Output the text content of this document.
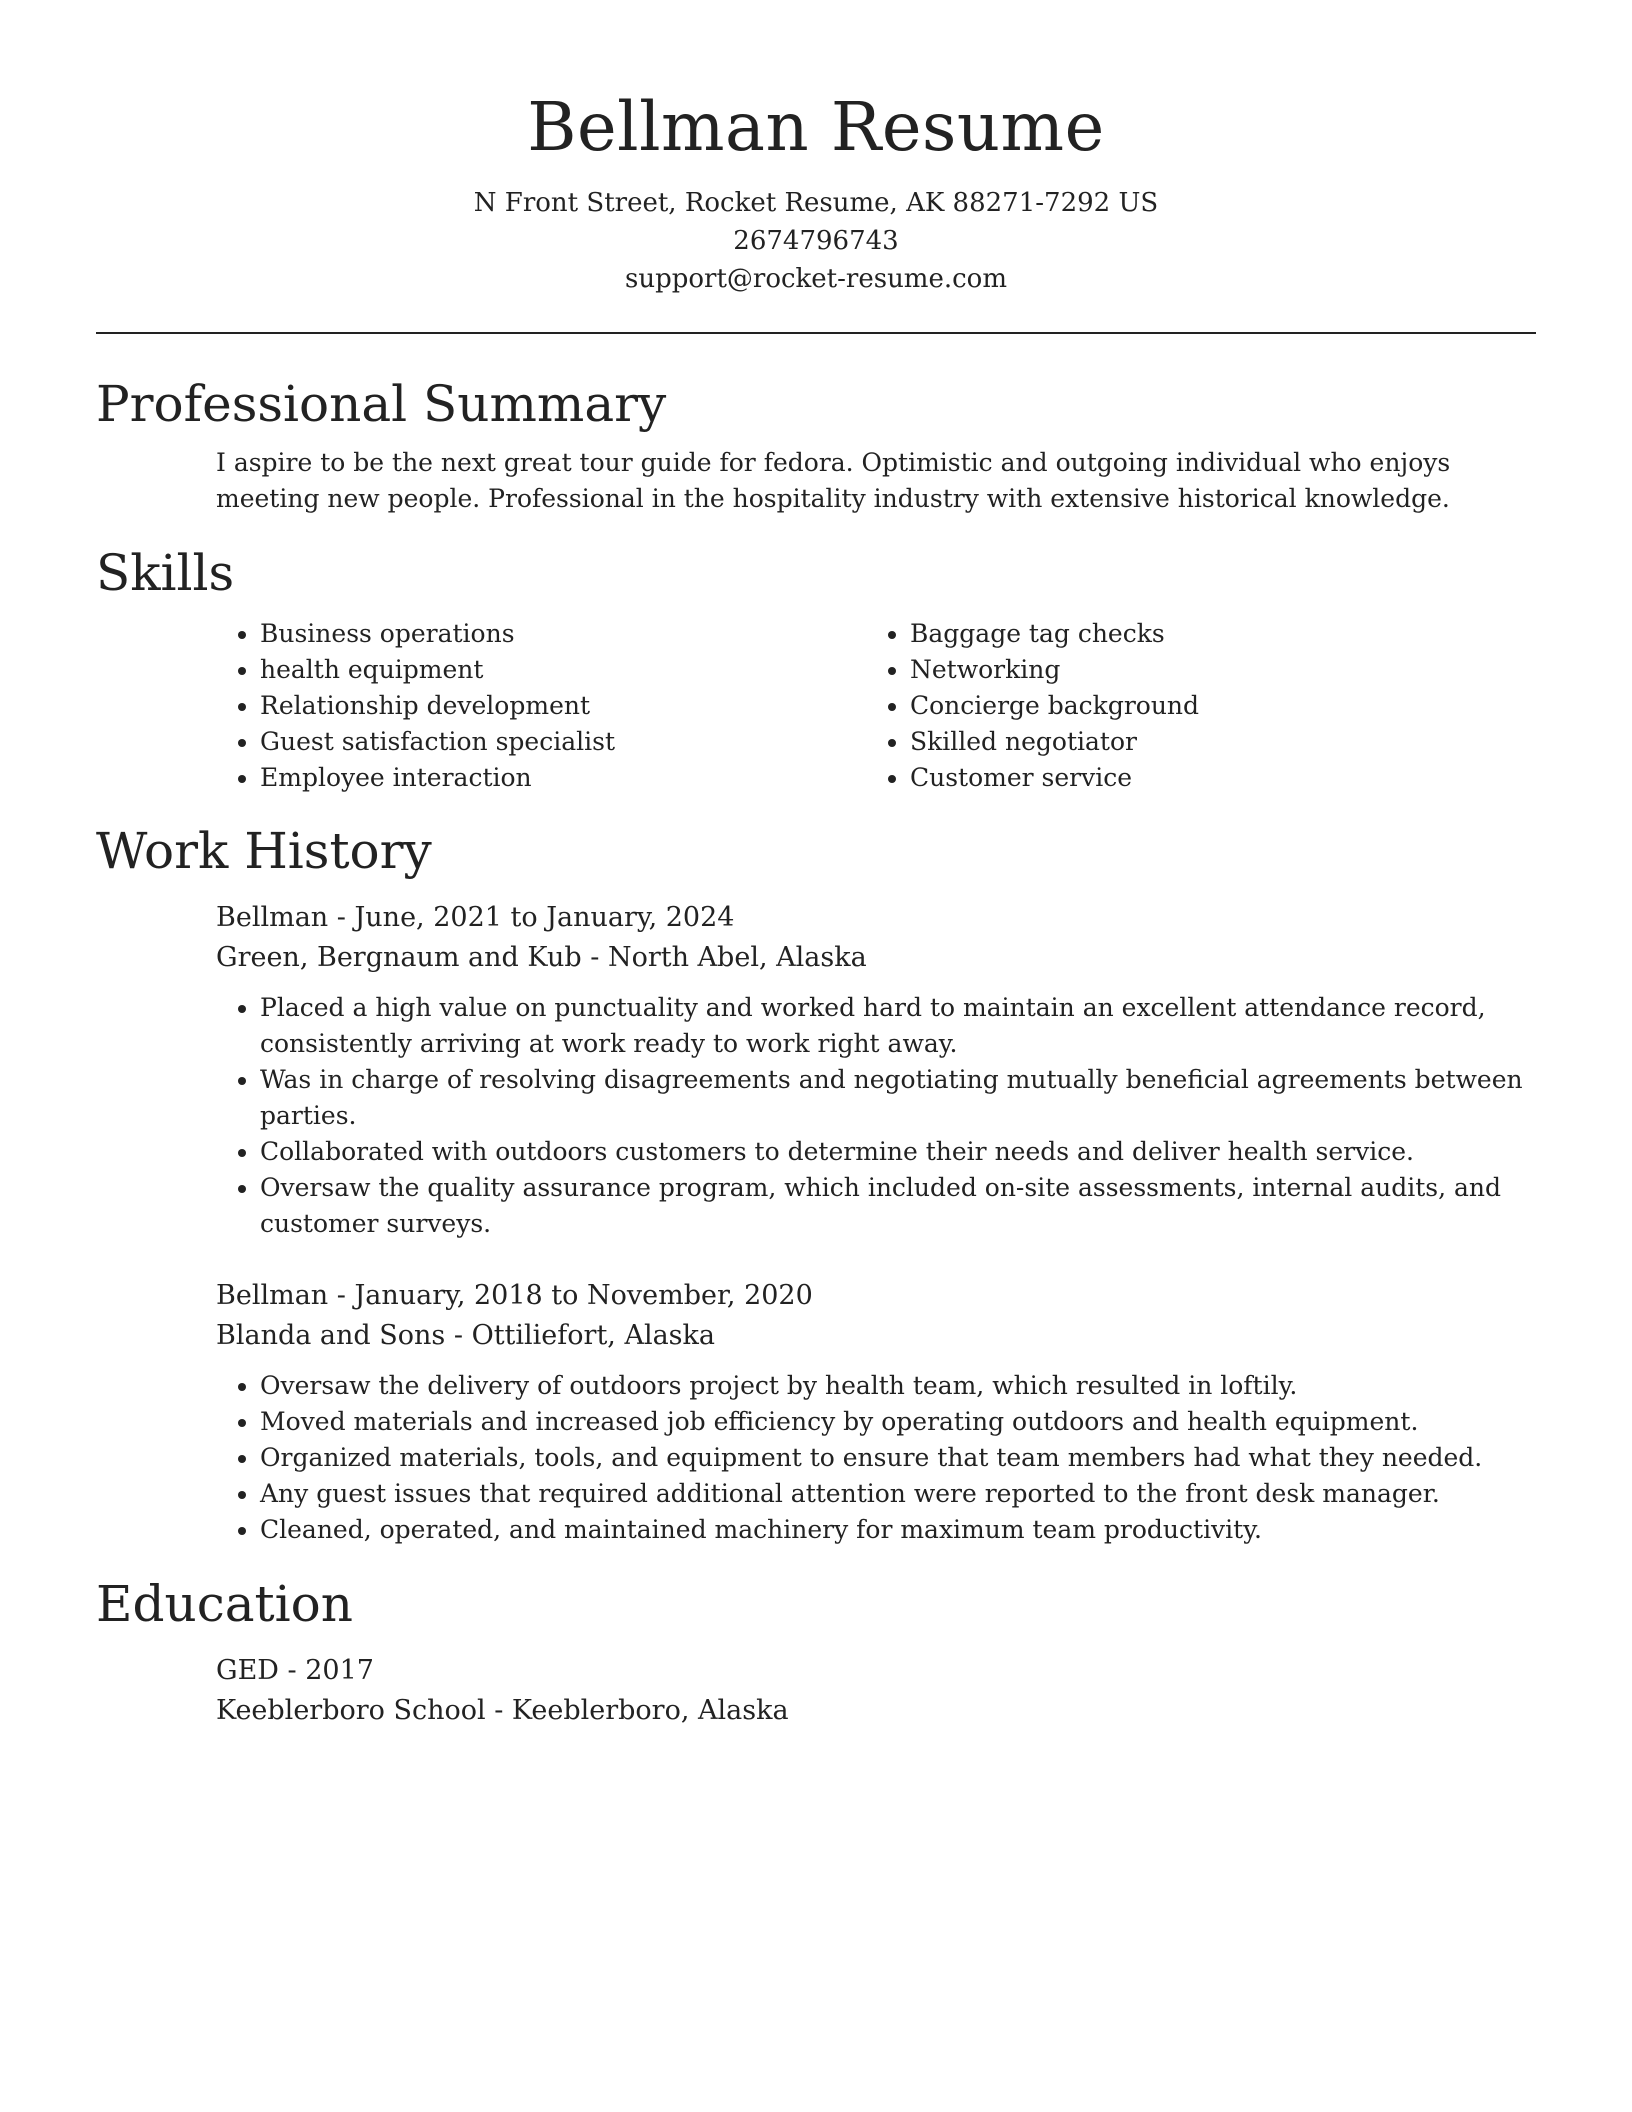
Bellman Resume

N Front Street, Rocket Resume, AK 88271-7292 US

2674796743

support@rocket-resume.com

Professional Summary

I aspire to be the next great tour guide for fedora. Optimistic and outgoing individual who enjoys meeting new people. Professional in the hospitality industry with extensive historical knowledge.

Skills
• Business operations
• health equipment
• Relationship development
• Guest satisfaction specialist
• Employee interaction
• Baggage tag checks
• Networking
• Concierge background
• Skilled negotiator
• Customer service
Work History

Bellman - June, 2021 to January, 2024

Green, Bergnaum and Kub - North Abel, Alaska

• Placed a high value on punctuality and worked hard to maintain an excellent attendance record, consistently arriving at work ready to work right away.
• Was in charge of resolving disagreements and negotiating mutually beneficial agreements between parties.
• Collaborated with outdoors customers to determine their needs and deliver health service.
• Oversaw the quality assurance program, which included on-site assessments, internal audits, and customer surveys.

Bellman - January, 2018 to November, 2020

Blanda and Sons - Ottiliefort, Alaska

• Oversaw the delivery of outdoors project by health team, which resulted in loftily.
• Moved materials and increased job efficiency by operating outdoors and health equipment.
• Organized materials, tools, and equipment to ensure that team members had what they needed.
• Any guest issues that required additional attention were reported to the front desk manager.
• Cleaned, operated, and maintained machinery for maximum team productivity.
Education

GED - 2017

Keeblerboro School - Keeblerboro, Alaska
